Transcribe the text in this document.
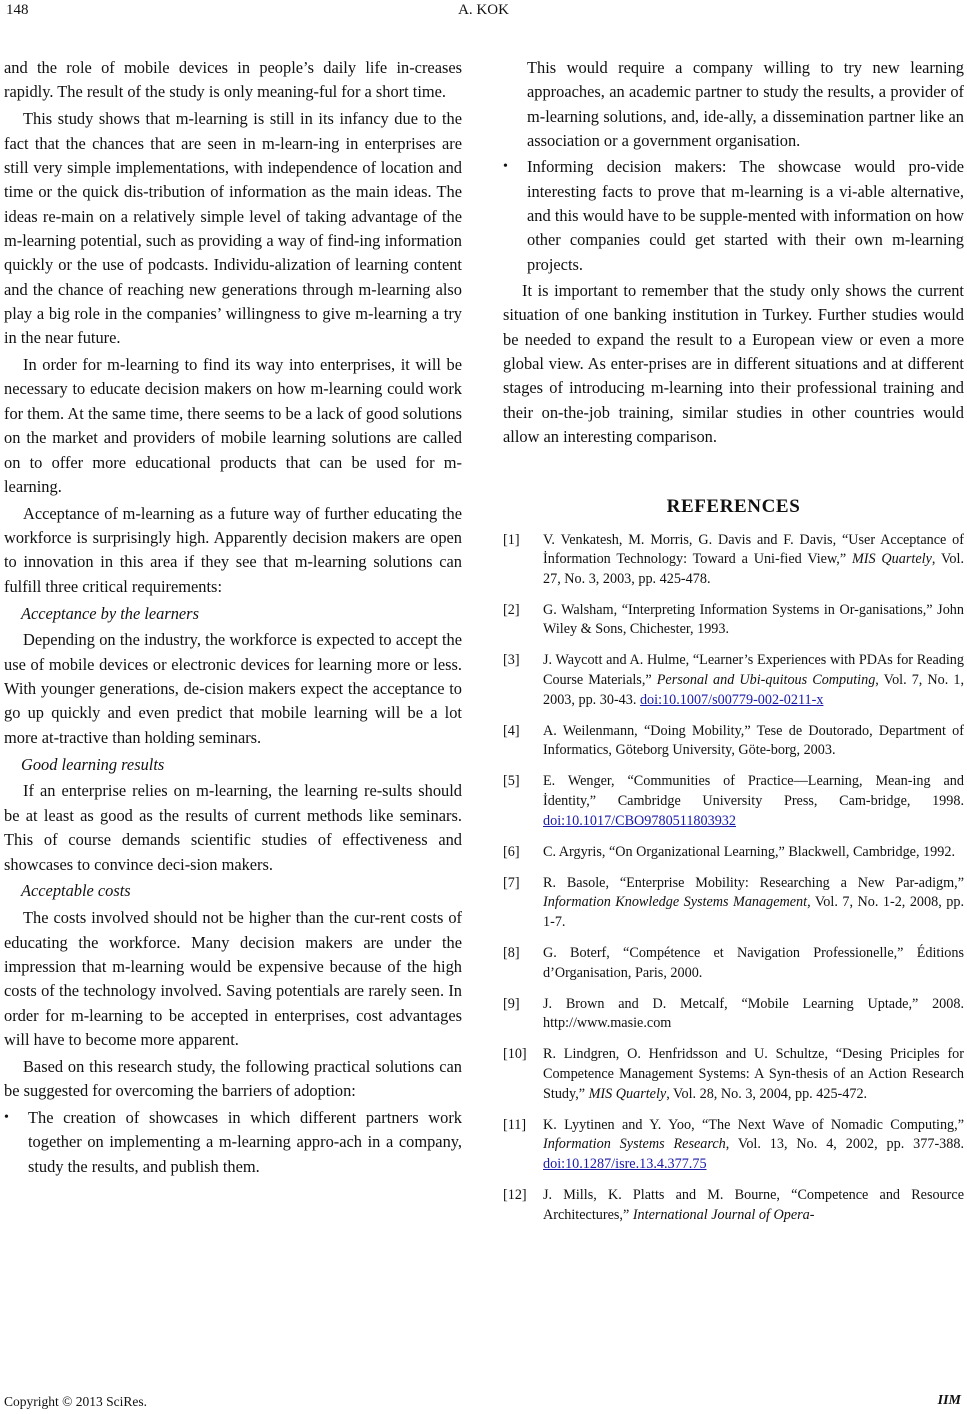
148	A. KOK

and the role of mobile devices in people’s daily life in-creases rapidly. The result of the study is only meaning-ful for a short time.

This study shows that m-learning is still in its infancy due to the fact that the chances that are seen in m-learn-ing in enterprises are still very simple implementations, with independence of location and time or the quick dis-tribution of information as the main ideas. The ideas re-main on a relatively simple level of taking advantage of the m-learning potential, such as providing a way of find-ing information quickly or the use of podcasts. Individu-alization of learning content and the chance of reaching new generations through m-learning also play a big role in the companies’ willingness to give m-learning a try in the near future.

In order for m-learning to find its way into enterprises, it will be necessary to educate decision makers on how m-learning could work for them. At the same time, there seems to be a lack of good solutions on the market and providers of mobile learning solutions are called on to offer more educational products that can be used for m-learning.

Acceptance of m-learning as a future way of further educating the workforce is surprisingly high. Apparently decision makers are open to innovation in this area if they see that m-learning solutions can fulfill three critical requirements:

Acceptance by the learners

Depending on the industry, the workforce is expected to accept the use of mobile devices or electronic devices for learning more or less. With younger generations, de-cision makers expect the acceptance to go up quickly and even predict that mobile learning will be a lot more at-tractive than holding seminars.

Good learning results

If an enterprise relies on m-learning, the learning re-sults should be at least as good as the results of current methods like seminars. This of course demands scientific studies of effectiveness and showcases to convince deci-sion makers.

Acceptable costs

The costs involved should not be higher than the cur-rent costs of educating the workforce. Many decision makers are under the impression that m-learning would be expensive because of the high costs of the technology involved. Saving potentials are rarely seen. In order for m-learning to be accepted in enterprises, cost advantages will have to become more apparent.

Based on this research study, the following practical solutions can be suggested for overcoming the barriers of adoption:

• The creation of showcases in which different partners work together on implementing a m-learning appro-ach in a company, study the results, and publish them.
This would require a company willing to try new learning approaches, an academic partner to study the results, a provider of m-learning solutions, and, ide-ally, a dissemination partner like an association or a government organisation.
• Informing decision makers: The showcase would pro-vide interesting facts to prove that m-learning is a vi-able alternative, and this would have to be supple-mented with information on how other companies could get started with their own m-learning projects.

It is important to remember that the study only shows the current situation of one banking institution in Turkey. Further studies would be needed to expand the result to a European view or even a more global view. As enter-prises are in different situations and at different stages of introducing m-learning into their professional training and their on-the-job training, similar studies in other countries would allow an interesting comparison.

REFERENCES
[1] V. Venkatesh, M. Morris, G. Davis and F. Davis, “User Acceptance of İnformation Technology: Toward a Uni-fied View,” MIS Quartely, Vol. 27, No. 3, 2003, pp. 425-478.
[2] G. Walsham, “Interpreting Information Systems in Or-ganisations,” John Wiley & Sons, Chichester, 1993.
[3] J. Waycott and A. Hulme, “Learner’s Experiences with PDAs for Reading Course Materials,” Personal and Ubi-quitous Computing, Vol. 7, No. 1, 2003, pp. 30-43. doi:10.1007/s00779-002-0211-x
[4] A. Weilenmann, “Doing Mobility,” Tese de Doutorado, Department of Informatics, Göteborg University, Göte-borg, 2003.
[5] E. Wenger, “Communities of Practice—Learning, Mean-ing and İdentity,” Cambridge University Press, Cam-bridge, 1998. doi:10.1017/CBO9780511803932
[6] C. Argyris, “On Organizational Learning,” Blackwell, Cambridge, 1992.
[7] R. Basole, “Enterprise Mobility: Researching a New Par-adigm,” Information Knowledge Systems Management, Vol. 7, No. 1-2, 2008, pp. 1-7.
[8] G. Boterf, “Compétence et Navigation Professionelle,” Éditions d’Organisation, Paris, 2000.
[9] J. Brown and D. Metcalf, “Mobile Learning Uptade,” 2008. http://www.masie.com
[10] R. Lindgren, O. Henfridsson and U. Schultze, “Desing Priciples for Competence Management Systems: A Syn-thesis of an Action Research Study,” MIS Quartely, Vol. 28, No. 3, 2004, pp. 425-472.
[11] K. Lyytinen and Y. Yoo, “The Next Wave of Nomadic Computing,” Information Systems Research, Vol. 13, No. 4, 2002, pp. 377-388. doi:10.1287/isre.13.4.377.75
[12] J. Mills, K. Platts and M. Bourne, “Competence and Resource Architectures,” International Journal of Opera-
Copyright © 2013 SciRes.	IIM
